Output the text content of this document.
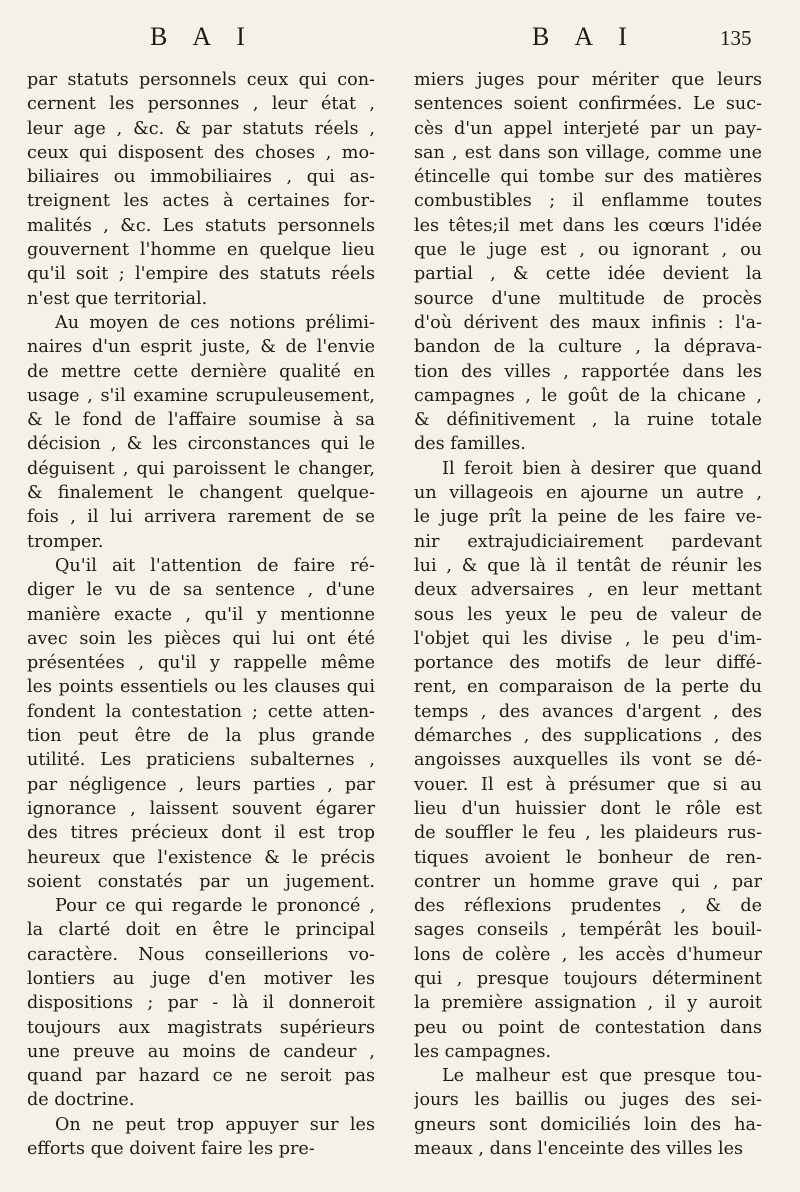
B A I	B A I	135
par statuts personnels ceux qui con-
cernent les personnes , leur état ,
leur age , &c. & par statuts réels ,
ceux qui disposent des choses , mo-
biliaires ou immobiliaires , qui as-
treignent les actes à certaines for-
malités , &c. Les statuts personnels
gouvernent l'homme en quelque lieu
qu'il soit ; l'empire des statuts réels
n'est que territorial.
Au moyen de ces notions prélimi-
naires d'un esprit juste, & de l'envie
de mettre cette dernière qualité en
usage , s'il examine scrupuleusement,
& le fond de l'affaire soumise à sa
décision , & les circonstances qui le
déguisent , qui paroissent le changer,
& finalement le changent quelque-
fois , il lui arrivera rarement de se
tromper.
Qu'il ait l'attention de faire ré-
diger le vu de sa sentence , d'une
manière exacte , qu'il y mentionne
avec soin les pièces qui lui ont été
présentées , qu'il y rappelle même
les points essentiels ou les clauses qui
fondent la contestation ; cette atten-
tion peut être de la plus grande
utilité. Les praticiens subalternes ,
par négligence , leurs parties , par
ignorance , laissent souvent égarer
des titres précieux dont il est trop
heureux que l'existence & le précis
soient constatés par un jugement.
Pour ce qui regarde le prononcé ,
la clarté doit en être le principal
caractère. Nous conseillerions vo-
lontiers au juge d'en motiver les
dispositions ; par - là il donneroit
toujours aux magistrats supérieurs
une preuve au moins de candeur ,
quand par hazard ce ne seroit pas
de doctrine.
On ne peut trop appuyer sur les
efforts que doivent faire les pre-
miers juges pour mériter que leurs
sentences soient confirmées. Le suc-
cès d'un appel interjeté par un pay-
san , est dans son village, comme une
étincelle qui tombe sur des matières
combustibles ; il enflamme toutes
les têtes;il met dans les cœurs l'idée
que le juge est , ou ignorant , ou
partial , & cette idée devient la
source d'une multitude de procès
d'où dérivent des maux infinis : l'a-
bandon de la culture , la déprava-
tion des villes , rapportée dans les
campagnes , le goût de la chicane ,
& définitivement , la ruine totale
des familles.
Il feroit bien à desirer que quand
un villageois en ajourne un autre ,
le juge prît la peine de les faire ve-
nir extrajudiciairement pardevant
lui , & que là il tentât de réunir les
deux adversaires , en leur mettant
sous les yeux le peu de valeur de
l'objet qui les divise , le peu d'im-
portance des motifs de leur diffé-
rent, en comparaison de la perte du
temps , des avances d'argent , des
démarches , des supplications , des
angoisses auxquelles ils vont se dé-
vouer. Il est à présumer que si au
lieu d'un huissier dont le rôle est
de souffler le feu , les plaideurs rus-
tiques avoient le bonheur de ren-
contrer un homme grave qui , par
des réflexions prudentes , & de
sages conseils , tempérât les bouil-
lons de colère , les accès d'humeur
qui , presque toujours déterminent
la première assignation , il y auroit
peu ou point de contestation dans
les campagnes.
Le malheur est que presque tou-
jours les baillis ou juges des sei-
gneurs sont domiciliés loin des ha-
meaux , dans l'enceinte des villes les
